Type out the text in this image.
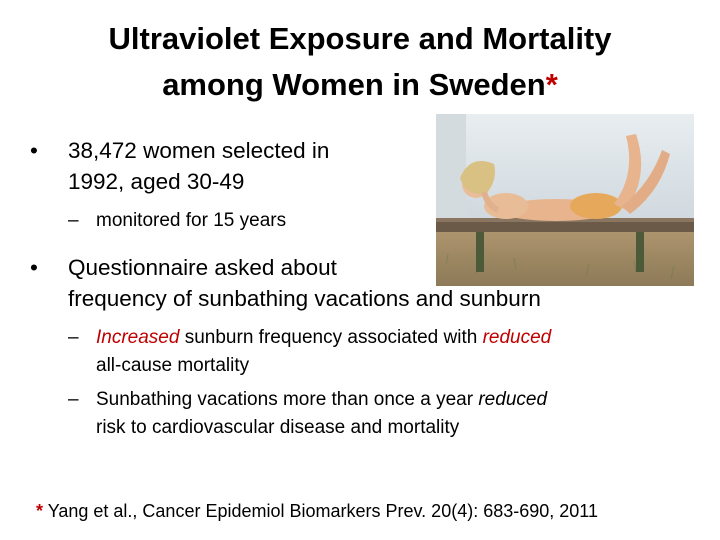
Ultraviolet Exposure and Mortality
among Women in Sweden*
•	38,472 women selected in
1992, aged 30-49
– monitored for 15 years
•	Questionnaire asked about
frequency of sunbathing vacations and sunburn
– Increased sunburn frequency associated with reduced
all-cause mortality
– Sunbathing vacations more than once a year reduced
risk to cardiovascular disease and mortality
* Yang et al., Cancer Epidemiol Biomarkers Prev. 20(4): 683-690, 2011
